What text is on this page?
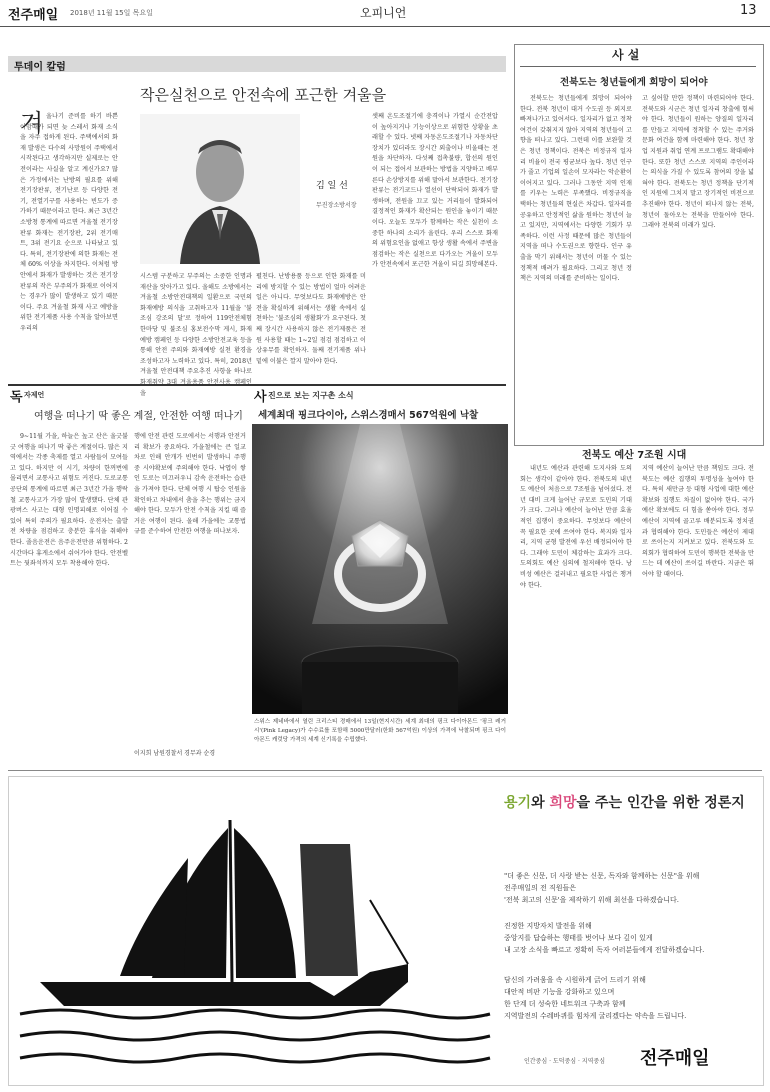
전주매일 2018년 11월 15일 목요일	오피니언	13
투데이 칼럼
작은실천으로 안전속에 포근한 겨울을
겨 울나기 준비를 하기 바쁜 이맘때가 되면 늦 스레서 화재 소식을 자주 접하게 된다. 주택에서의 화재 발생은 다수의 사망원이 주택에서 시작된다고 생각하지만 실제로는 안전이라는 사실을 알고 계신가요? 많은 가정에서는 난방의 필요를 위해 전기장판류, 전기난로 등 다양한 전기, 전열기구를 사용하는 빈도가 증가하기 때문이라고 한다. 최근 3년간 소방청 통계에 따르면 겨울철 전기장판류 화재는 전기장판, 2위 전기매트, 3위 전기요 순으로 나타났고 있다. 특히, 전기장판에 의한 화재는 전체 60% 이상을 차지한다. 이처럼 방안에서 화재가 발생하는 것은 전기장판류의 작은 부주의가 화재로 이어지는 경우가 많이 발생하고 있기 때문이다. 주요 겨울철 화재 사고 예방을 위한 전기제품 사용 수칙을 알아보면 우리의
김 일 선
무진장소방서장
시스템 구분하고 부주의는 소중한 인명과 재산을 앗아가고 있다. 올해도 소방에서는 겨울철 소방안전대책의 일환으로 국민의 화재예방 의식을 고취하고자 11월을 '불조심 강조의 달'로 정하여 119안전체험 한마당 및 불조심 홍보전수막 게시, 화재예방 캠페인 등 다양한 소방안전교육 등을 통해 안전 주의와 화재예방 실천 환경을 조성하고자 노력하고 있다. 특히, 2018년 겨울철 안전대책 주요추진 사항을 하나로 화재취약 3대 겨울용품 안전사용 캠페인을
펼친다. 난방용품 등으로 인한 화재를 미리에 방지할 수 있는 방법이 얼마 어려운 일은 아니다. 무엇보다도 화재예방은 안전을 확실하게 위해서는 생활 속에서 실천하는 '불조심의 생활화'가 요구된다. 첫째 장시간 사용하지 않은 전기제품은 전원 사용할 때는 1~2일 점검 점검하고 이상유무를 확인하자. 둘째 전기제품 위나 밑에 이불은 깔지 말아야 한다.
셋째 온도조절기에 충격이나 가열시 순간전압이 높아지거나 기능이상으로 위험한 상황을 초래할 수 있다. 넷째 자동온도조절기나 자동차단장치가 있더라도 장시간 외출이나 비울때는 전원을 차단하자. 다섯째 접촉불량, 합선의 원인이 되는 접어서 보관하는 방법을 지양하고 배부른다 손상방지를 위해 말아서 보관한다. 전기장판류는 전기코드나 열선이 단락되어 화재가 발생하며, 전원을 끄고 있는 거리들이 발화되어 결정적인 화재가 확산되는 원인을 놓이기 때문이다. 오늘도 모두가 함께하는 작은 실천이 소중한 하나의 소리가 울린다. 우리 스스로 화재의 위험요인을 없애고 항상 생활 속에서 주변을 점검하는 작은 실천으로 다가오는 겨울이 모두가 안전속에서 포근한 겨울이 되길 희망해본다.
사 설
전북도는 청년들에게 희망이 되어야
전북도는 청년들에게 희망이 되어야 한다. 전북 청년이 대거 수도권 등 외지로 빠져나가고 있어서다. 일자리가 없고 정착 여건이 갖춰지지 않아 지역의 청년들이 고향을 떠나고 있다. 그런데 이를 보완할 것은 청년 정책이다. 전북은 비정규직 일자리 비율이 전국 평균보다 높다. 청년 인구가 줄고 기업의 일손이 모자라는 악순환이 이어지고 있다. 그러나 그동안 지역 인재를 키우는 노력은 부족했다. 비정규직을 택하는 청년들의 현실은 차갑다. 일자리를 공유하고 안정적인 삶을 원하는 청년이 늘고 있지만, 지역에서는 다양한 기회가 부족하다. 이런 사정 때문에 많은 청년들이 지역을 떠나 수도권으로 향한다. 인구 유출을 막기 위해서는 청년이 머물 수 있는 정책적 배려가 필요하다. 그리고 청년 정책은 지역의 미래를 준비하는 일이다.
고 싶어할 만한 정책이 마련되어야 한다. 전북도와 시군은 청년 일자리 창출에 힘써야 한다. 청년들이 원하는 양질의 일자리를 만들고 지역에 정착할 수 있는 주거와 문화 여건을 함께 마련해야 한다. 청년 창업 지원과 취업 연계 프로그램도 확대해야 한다. 또한 청년 스스로 지역의 주인이라는 의식을 가질 수 있도록 참여의 장을 넓혀야 한다. 전북도는 청년 정책을 단기적인 지원에 그치지 말고 장기적인 비전으로 추진해야 한다. 청년이 떠나지 않는 전북, 청년이 돌아오는 전북을 만들어야 한다. 그래야 전북의 미래가 있다.
전북도 예산 7조원 시대
내년도 예산과 관련해 도지사와 도의회는 생각이 같아야 한다. 전북도의 내년도 예산이 처음으로 7조원을 넘어섰다. 전년 대비 크게 늘어난 규모로 도민의 기대가 크다. 그러나 예산이 늘어난 만큼 효율적인 집행이 중요하다. 무엇보다 예산이 꼭 필요한 곳에 쓰여야 한다. 복지와 일자리, 지역 균형 발전에 우선 배정되어야 한다. 그래야 도민이 체감하는 효과가 크다. 도의회도 예산 심의에 철저해야 한다. 낭비성 예산은 걸러내고 필요한 사업은 챙겨야 한다.
지역 예산이 늘어난 만큼 책임도 크다. 전북도는 예산 집행의 투명성을 높여야 한다. 특히 새만금 등 대형 사업에 대한 예산 확보와 집행도 차질이 없어야 한다. 국가 예산 확보에도 더 힘을 쏟아야 한다. 정부 예산이 지역에 골고루 배분되도록 정치권과 협력해야 한다. 도민들은 예산이 제대로 쓰이는지 지켜보고 있다. 전북도와 도의회가 협력하여 도민이 행복한 전북을 만드는 데 예산이 쓰이길 바란다. 지금은 뛰어야 할 때이다.
독 자제언
여행을 떠나기 딱 좋은 계절, 안전한 여행 떠나기
9~11월 가을, 하늘은 높고 산은 울긋불긋 여행을 떠나기 딱 좋은 계절이다. 많은 지역에서는 각종 축제를 열고 사람들이 모여들고 있다. 하지만 이 시기, 차량이 한꺼번에 몰리면서 교통사고 위험도 커진다. 도로교통공단의 통계에 따르면 최근 3년간 가을 행락철 교통사고가 가장 많이 발생했다. 단체 관광버스 사고는 대형 인명피해로 이어질 수 있어 특히 주의가 필요하다. 운전자는 출발 전 차량을 점검하고 충분한 휴식을 취해야 한다. 졸음운전은 음주운전만큼 위험하다. 2시간마다 휴게소에서 쉬어가야 한다. 안전벨트는 뒷좌석까지 모두 착용해야 한다.
행에 안전 관련 도로에서는 서행과 안전거리 확보가 중요하다. 가을철에는 큰 일교차로 인해 안개가 빈번히 발생하니 주행 중 시야확보에 주의해야 한다. 낙엽이 쌓인 도로는 미끄러우니 감속 운전하는 습관을 가져야 한다. 단체 여행 시 탑승 인원을 확인하고 차내에서 춤을 추는 행위는 금지해야 한다. 모두가 안전 수칙을 지킬 때 즐거운 여행이 된다. 올해 가을에는 교통법규를 준수하여 안전한 여행을 떠나보자.
이지희 남원경찰서 경무과 순경
사 진으로 보는 지구촌 소식
세계최대 핑크다이아, 스위스경매서 567억원에 낙찰
스위스 제네바에서 열린 크리스티 경매에서 13일(현지시간) 세계 최대의 핑크 다이아몬드 '핑크 레거시'(Pink Legacy)가 수수료를 포함해 5000만달러(한화 567억원) 이상의 가격에 낙찰되며 핑크 다이아몬드 캐럿당 가격의 세계 신기록을 수립했다.
용기와 희망을 주는 인간을 위한 정론지
"더 좋은 신문, 더 사랑 받는 신문, 독자와 함께하는 신문"을 위해
전주매일의 전 직원들은
'전북 최고의 신문'을 제작하기 위해 최선을 다하겠습니다.
진정한 지방자치 발전을 위해
중앙지를 답습하는 행태를 벗어나 보다 깊이 있게
내 고장 소식을 빠르고 정확히 독자 여러분들에게 전달하겠습니다.
담신의 가려움을 속 시원하게 긁어 드리기 위해
대안적 비판 기능을 강화하고 있으며
한 단계 더 성숙한 네트워크 구축과 함께
지역발전의 수레바퀴를 힘차게 굴리겠다는 약속을 드립니다.
인간중심 · 도덕중심 · 지역중심 전주매일
